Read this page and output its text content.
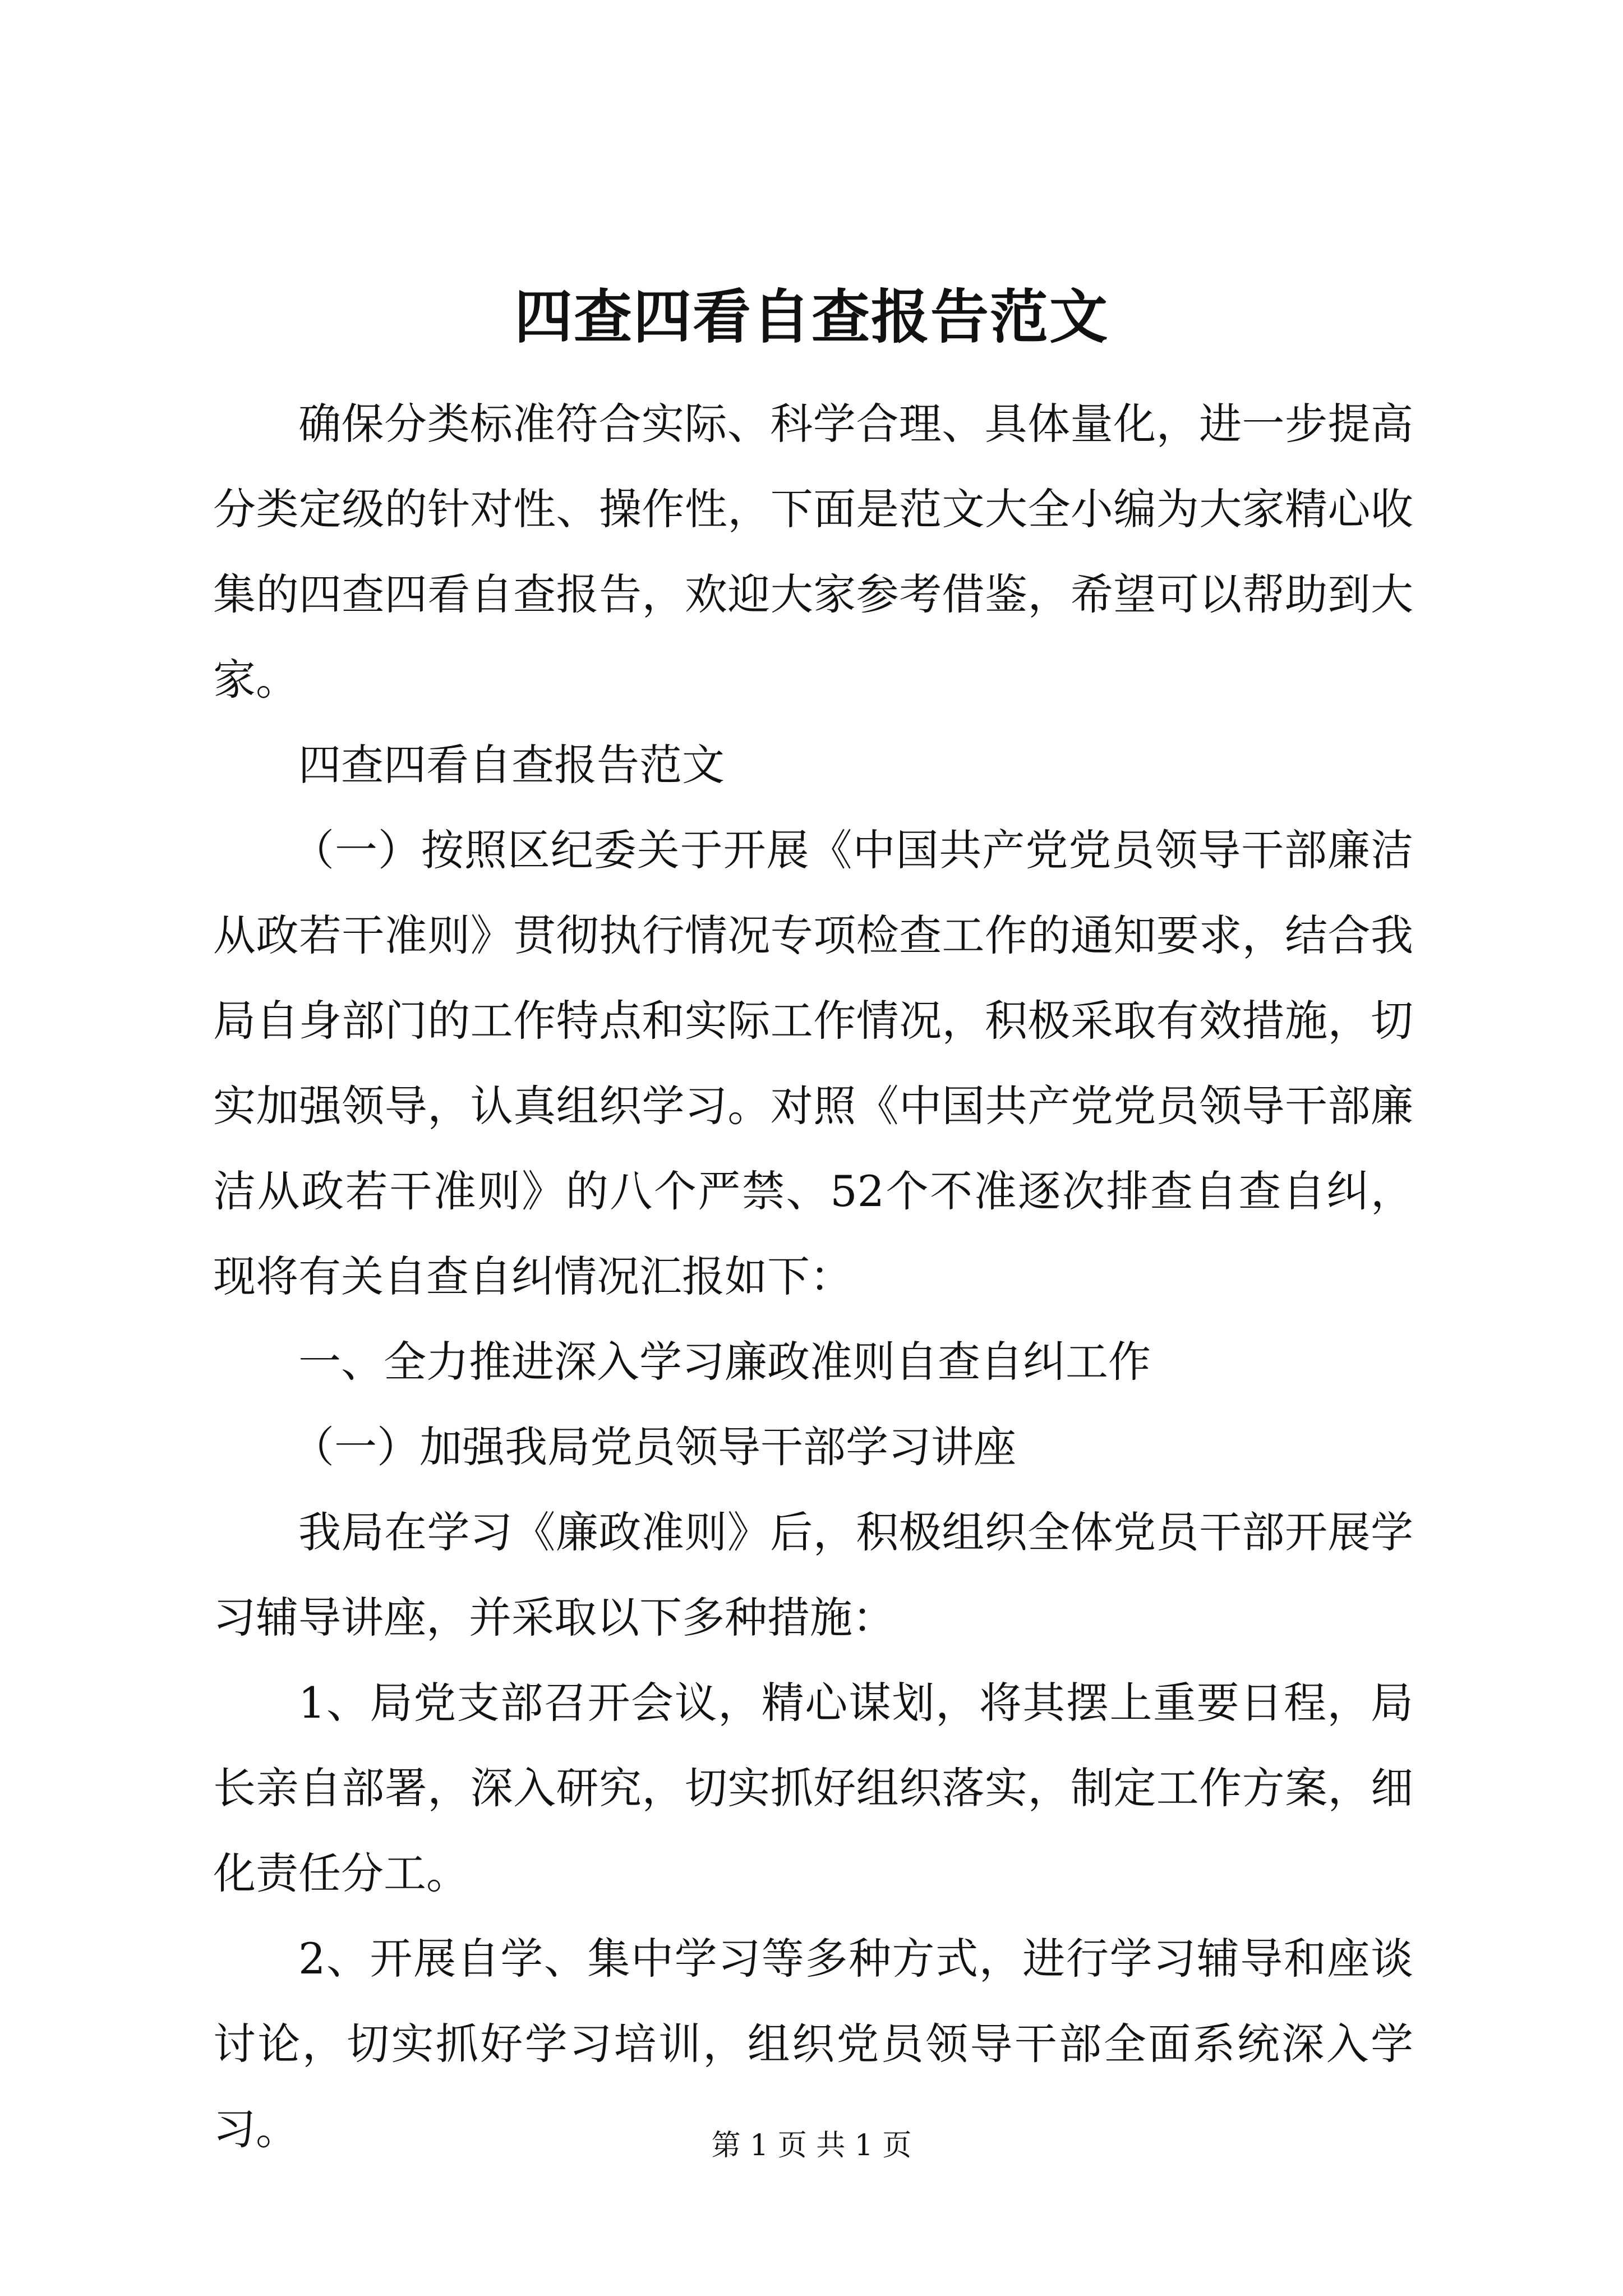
四查四看自查报告范文

确保分类标准符合实际、科学合理、具体量化，进一步提高分类定级的针对性、操作性，下面是范文大全小编为大家精心收集的四查四看自查报告，欢迎大家参考借鉴，希望可以帮助到大家。

四查四看自查报告范文

（一）按照区纪委关于开展《中国共产党党员领导干部廉洁从政若干准则》贯彻执行情况专项检查工作的通知要求，结合我局自身部门的工作特点和实际工作情况，积极采取有效措施，切实加强领导，认真组织学习。对照《中国共产党党员领导干部廉洁从政若干准则》的八个严禁、52个不准逐次排查自查自纠，现将有关自查自纠情况汇报如下：

一、全力推进深入学习廉政准则自查自纠工作

（一）加强我局党员领导干部学习讲座

我局在学习《廉政准则》后，积极组织全体党员干部开展学习辅导讲座，并采取以下多种措施：

1、局党支部召开会议，精心谋划，将其摆上重要日程，局长亲自部署，深入研究，切实抓好组织落实，制定工作方案，细化责任分工。

2、开展自学、集中学习等多种方式，进行学习辅导和座谈讨论，切实抓好学习培训，组织党员领导干部全面系统深入学习。	第 1 页 共 1 页
